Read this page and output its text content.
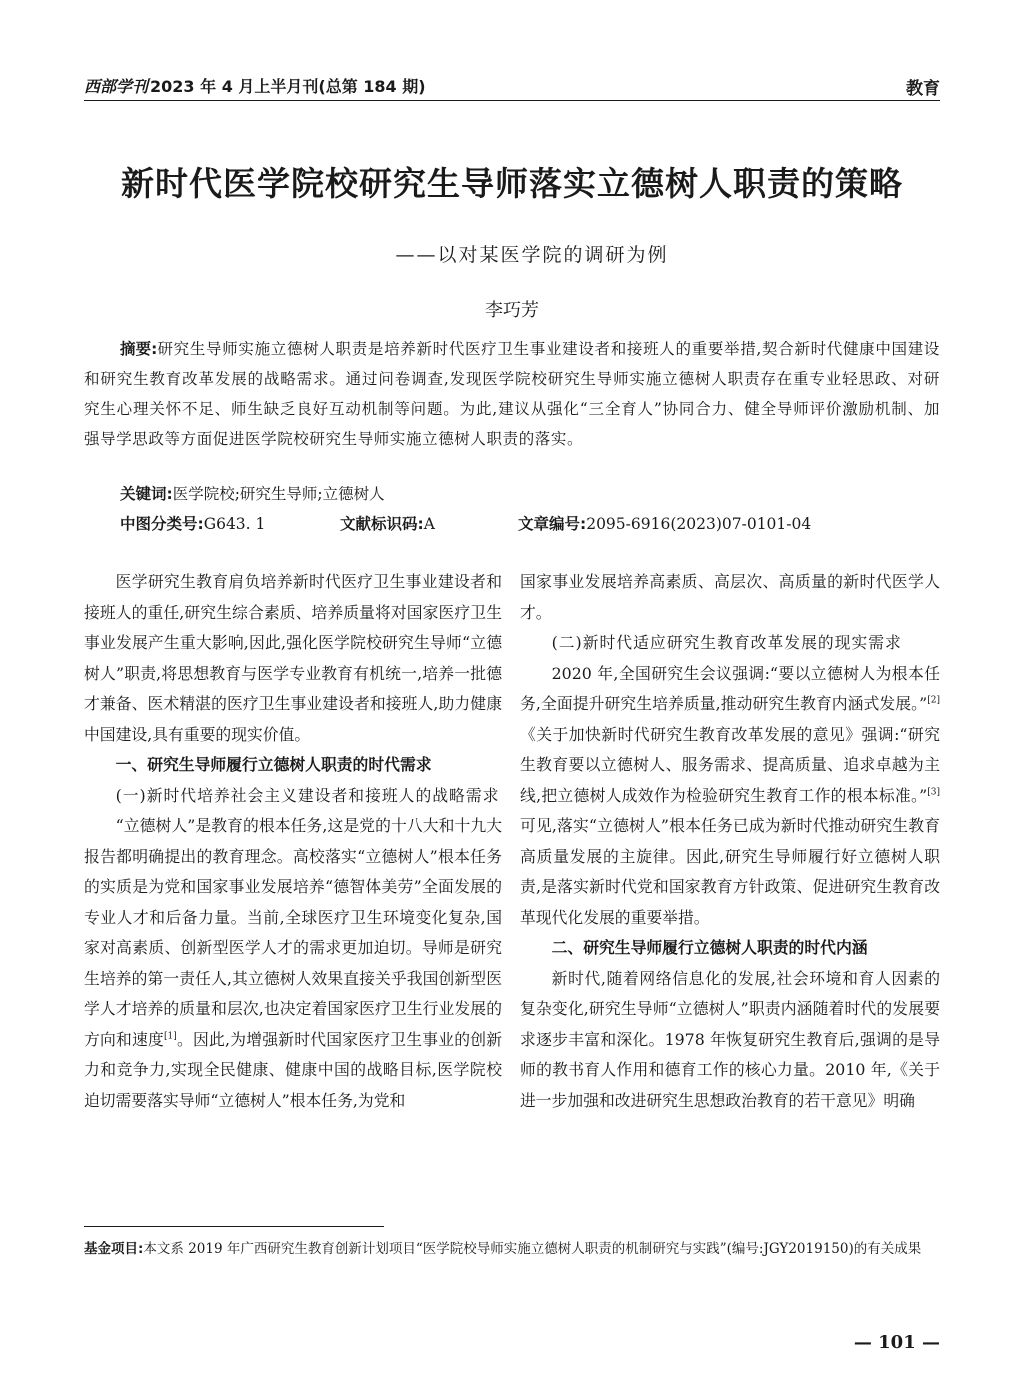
西部学刊 2023 年 4 月上半月刊(总第 184 期)	教育
新时代医学院校研究生导师落实立德树人职责的策略
——以对某医学院的调研为例
李巧芳
摘要:研究生导师实施立德树人职责是培养新时代医疗卫生事业建设者和接班人的重要举措,契合新时代健康中国建设和研究生教育改革发展的战略需求。通过问卷调查,发现医学院校研究生导师实施立德树人职责存在重专业轻思政、对研究生心理关怀不足、师生缺乏良好互动机制等问题。为此,建议从强化“三全育人”协同合力、健全导师评价激励机制、加强导学思政等方面促进医学院校研究生导师实施立德树人职责的落实。
关键词:医学院校;研究生导师;立德树人
中图分类号:G643. 1	文献标识码:A	文章编号:2095-6916(2023)07-0101-04

医学研究生教育肩负培养新时代医疗卫生事业建设者和接班人的重任,研究生综合素质、培养质量将对国家医疗卫生事业发展产生重大影响,因此,强化医学院校研究生导师“立德树人”职责,将思想教育与医学专业教育有机统一,培养一批德才兼备、医术精湛的医疗卫生事业建设者和接班人,助力健康中国建设,具有重要的现实价值。

一、研究生导师履行立德树人职责的时代需求
(一)新时代培养社会主义建设者和接班人的战略需求

“立德树人”是教育的根本任务,这是党的十八大和十九大报告都明确提出的教育理念。高校落实“立德树人”根本任务的实质是为党和国家事业发展培养“德智体美劳”全面发展的专业人才和后备力量。当前,全球医疗卫生环境变化复杂,国家对高素质、创新型医学人才的需求更加迫切。导师是研究生培养的第一责任人,其立德树人效果直接关乎我国创新型医学人才培养的质量和层次,也决定着国家医疗卫生行业发展的方向和速度[1]。因此,为增强新时代国家医疗卫生事业的创新力和竞争力,实现全民健康、健康中国的战略目标,医学院校迫切需要落实导师“立德树人”根本任务,为党和

国家事业发展培养高素质、高层次、高质量的新时代医学人才。

(二)新时代适应研究生教育改革发展的现实需求

2020 年,全国研究生会议强调:“要以立德树人为根本任务,全面提升研究生培养质量,推动研究生教育内涵式发展。”[2]《关于加快新时代研究生教育改革发展的意见》强调:“研究生教育要以立德树人、服务需求、提高质量、追求卓越为主线,把立德树人成效作为检验研究生教育工作的根本标准。”[3]可见,落实“立德树人”根本任务已成为新时代推动研究生教育高质量发展的主旋律。因此,研究生导师履行好立德树人职责,是落实新时代党和国家教育方针政策、促进研究生教育改革现代化发展的重要举措。

二、研究生导师履行立德树人职责的时代内涵

新时代,随着网络信息化的发展,社会环境和育人因素的复杂变化,研究生导师“立德树人”职责内涵随着时代的发展要求逐步丰富和深化。1978 年恢复研究生教育后,强调的是导师的教书育人作用和德育工作的核心力量。2010 年,《关于进一步加强和改进研究生思想政治教育的若干意见》明确

基金项目:本文系 2019 年广西研究生教育创新计划项目“医学院校导师实施立德树人职责的机制研究与实践”(编号:JGY2019150)的有关成果
— 101 —
